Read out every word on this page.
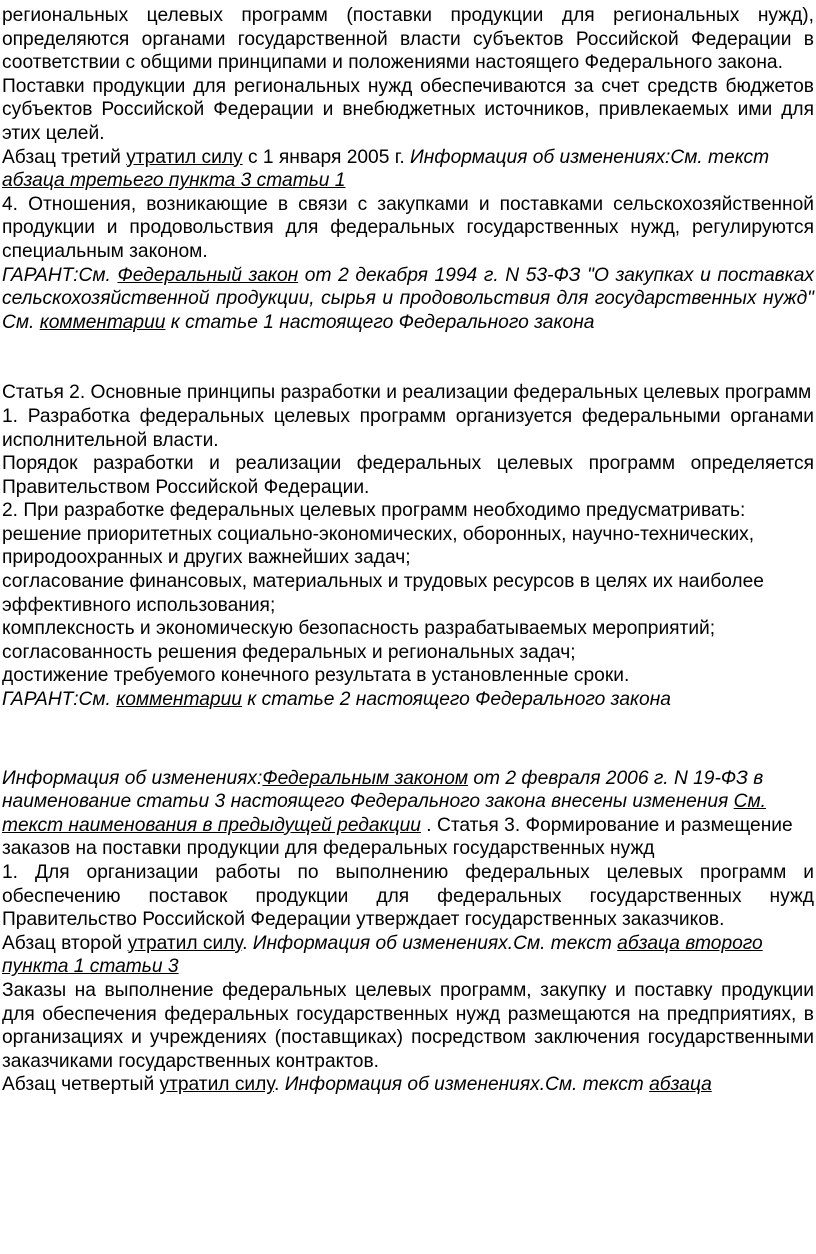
региональных целевых программ (поставки продукции для региональных нужд), определяются органами государственной власти субъектов Российской Федерации в соответствии с общими принципами и положениями настоящего Федерального закона.

Поставки продукции для региональных нужд обеспечиваются за счет средств бюджетов субъектов Российской Федерации и внебюджетных источников, привлекаемых ими для этих целей.

Абзац третий утратил силу с 1 января 2005 г. Информация об изменениях:См. текст абзаца третьего пункта 3 статьи 1

4. Отношения, возникающие в связи с закупками и поставками сельскохозяйственной продукции и продовольствия для федеральных государственных нужд, регулируются специальным законом.

ГАРАНТ:См. Федеральный закон от 2 декабря 1994 г. N 53-ФЗ "О закупках и поставках сельскохозяйственной продукции, сырья и продовольствия для государственных нужд" См. комментарии к статье 1 настоящего Федерального закона

Статья 2. Основные принципы разработки и реализации федеральных целевых программ

1. Разработка федеральных целевых программ организуется федеральными органами исполнительной власти.

Порядок разработки и реализации федеральных целевых программ определяется Правительством Российской Федерации.

2. При разработке федеральных целевых программ необходимо предусматривать:

решение приоритетных социально-экономических, оборонных, научно-технических, природоохранных и других важнейших задач;

согласование финансовых, материальных и трудовых ресурсов в целях их наиболее эффективного использования;

комплексность и экономическую безопасность разрабатываемых мероприятий;

согласованность решения федеральных и региональных задач;

достижение требуемого конечного результата в установленные сроки.

ГАРАНТ:См. комментарии к статье 2 настоящего Федерального закона

Информация об изменениях:Федеральным законом от 2 февраля 2006 г. N 19-ФЗ в наименование статьи 3 настоящего Федерального закона внесены изменения См. текст наименования в предыдущей редакции . Статья 3. Формирование и размещение заказов на поставки продукции для федеральных государственных нужд

1. Для организации работы по выполнению федеральных целевых программ и обеспечению поставок продукции для федеральных государственных нужд Правительство Российской Федерации утверждает государственных заказчиков.

Абзац второй утратил силу. Информация об изменениях.См. текст абзаца второго пункта 1 статьи 3

Заказы на выполнение федеральных целевых программ, закупку и поставку продукции для обеспечения федеральных государственных нужд размещаются на предприятиях, в организациях и учреждениях (поставщиках) посредством заключения государственными заказчиками государственных контрактов.

Абзац четвертый утратил силу. Информация об изменениях.См. текст абзаца
